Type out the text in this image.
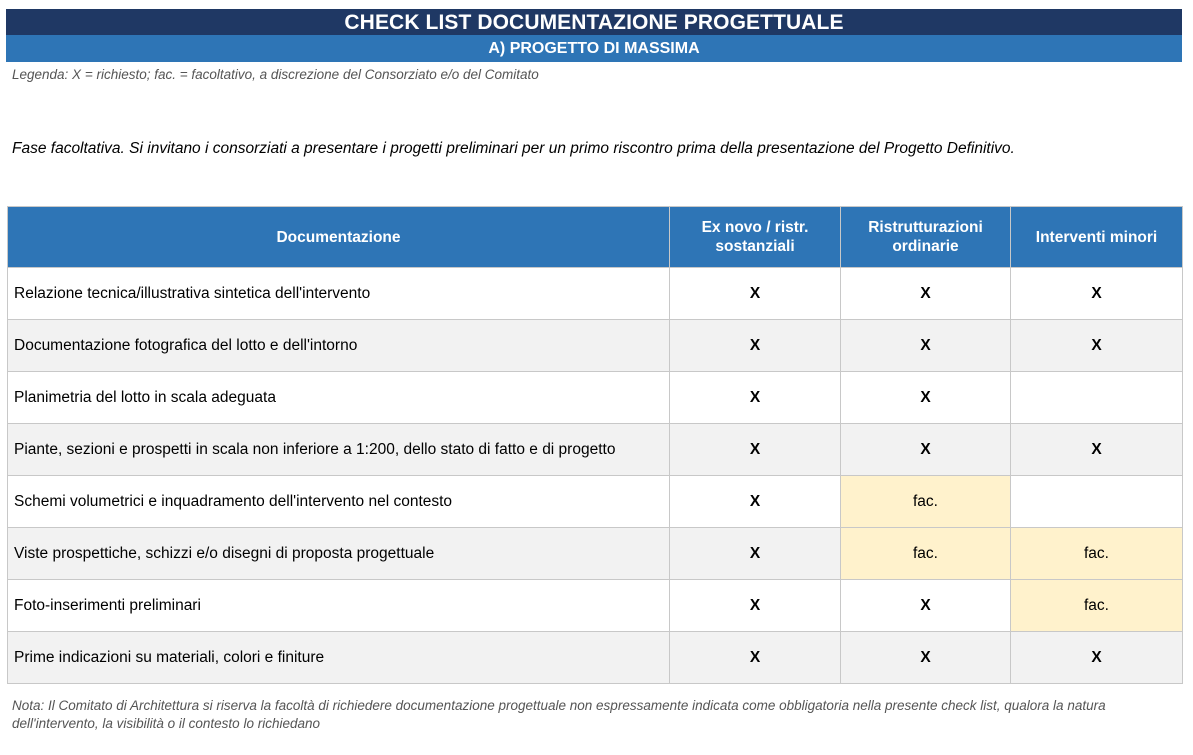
CHECK LIST DOCUMENTAZIONE PROGETTUALE
A) PROGETTO DI MASSIMA
Legenda: X = richiesto; fac. = facoltativo, a discrezione del Consorziato e/o del Comitato
Fase facoltativa. Si invitano i consorziati a presentare i progetti preliminari per un primo riscontro prima della presentazione del Progetto Definitivo.
Documentazione	Ex novo / ristr. sostanziali	Ristrutturazioni ordinarie	Interventi minori
Relazione tecnica/illustrativa sintetica dell'intervento	X	X	X
Documentazione fotografica del lotto e dell'intorno	X	X	X
Planimetria del lotto in scala adeguata	X	X	
Piante, sezioni e prospetti in scala non inferiore a 1:200, dello stato di fatto e di progetto	X	X	X
Schemi volumetrici e inquadramento dell'intervento nel contesto	X	fac.	
Viste prospettiche, schizzi e/o disegni di proposta progettuale	X	fac.	fac.
Foto-inserimenti preliminari	X	X	fac.
Prime indicazioni su materiali, colori e finiture	X	X	X
Nota: Il Comitato di Architettura si riserva la facoltà di richiedere documentazione progettuale non espressamente indicata come obbligatoria nella presente check list, qualora la natura dell'intervento, la visibilità o il contesto lo richiedano
